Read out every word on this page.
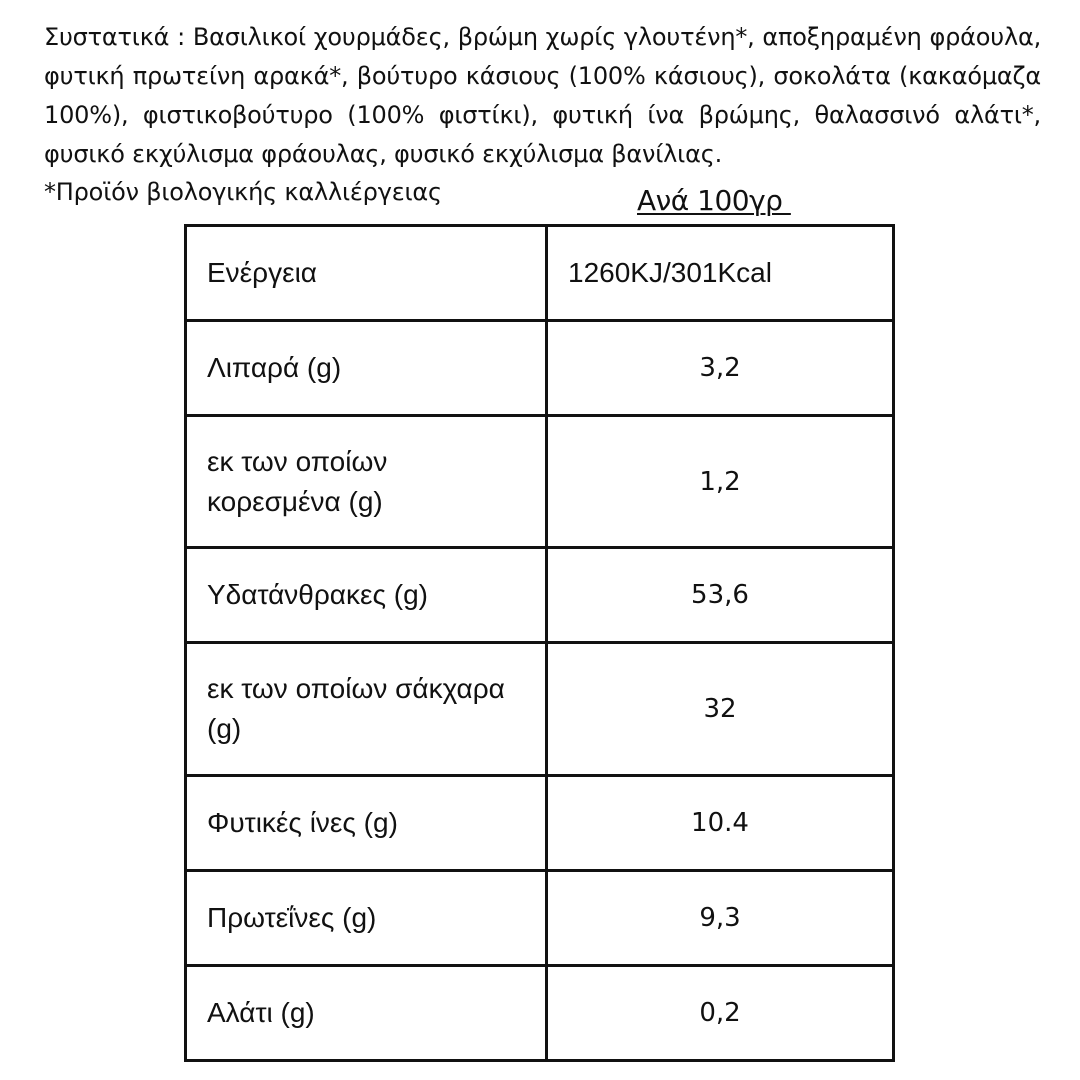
Συστατικά : Βασιλικοί χουρμάδες, βρώμη χωρίς γλουτένη*, αποξηραμένη φράουλα, φυτική πρωτείνη αρακά*, βούτυρο κάσιους (100% κάσιους), σοκολάτα (κακαόμαζα 100%), φιστικοβούτυρο (100% φιστίκι), φυτική ίνα βρώμης, θαλασσινό αλάτι*, φυσικό εκχύλισμα φράουλας, φυσικό εκχύλισμα βανίλιας.

*Προϊόν βιολογικής καλλιέργειας	Ανά 100γρ
Ενέργεια	1260KJ/301Kcal
Λιπαρά (g)	3,2
εκ των οποίων κορεσμένα (g)	1,2
Υδατάνθρακες (g)	53,6
εκ των οποίων σάκχαρα (g)	32
Φυτικές ίνες (g)	10.4
Πρωτεΐνες (g)	9,3
Αλάτι (g)	0,2
